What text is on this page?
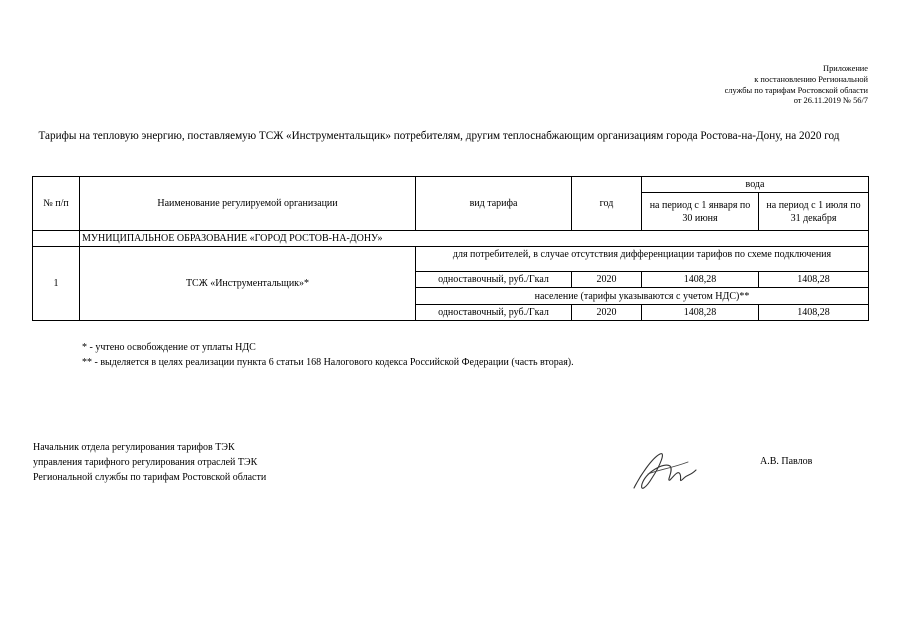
Приложение
к постановлению Региональной
службы по тарифам Ростовской области
от 26.11.2019 № 56/7
Тарифы на тепловую энергию, поставляемую ТСЖ «Инструментальщик» потребителям, другим теплоснабжающим организациям города Ростова-на-Дону, на 2020 год
№ п/п	Наименование регулируемой организации	вид тарифа	год	вода	
				на период с 1 января по 30 июня	на период с 1 июля по 31 декабря
	МУНИЦИПАЛЬНОЕ ОБРАЗОВАНИЕ «ГОРОД РОСТОВ-НА-ДОНУ»				
1	ТСЖ «Инструментальщик»*	для потребителей, в случае отсутствия дифференциации тарифов по схеме подключения			
		одноставочный, руб./Гкал	2020	1408,28	1408,28
		население (тарифы указываются с учетом НДС)**			
		одноставочный, руб./Гкал	2020	1408,28	1408,28
* - учтено освобождение от уплаты НДС
** - выделяется в целях реализации пункта 6 статьи 168 Налогового кодекса Российской Федерации (часть вторая).
Начальник отдела регулирования тарифов ТЭК
управления тарифного регулирования отраслей ТЭК
Региональной службы по тарифам Ростовской области
А.В. Павлов
